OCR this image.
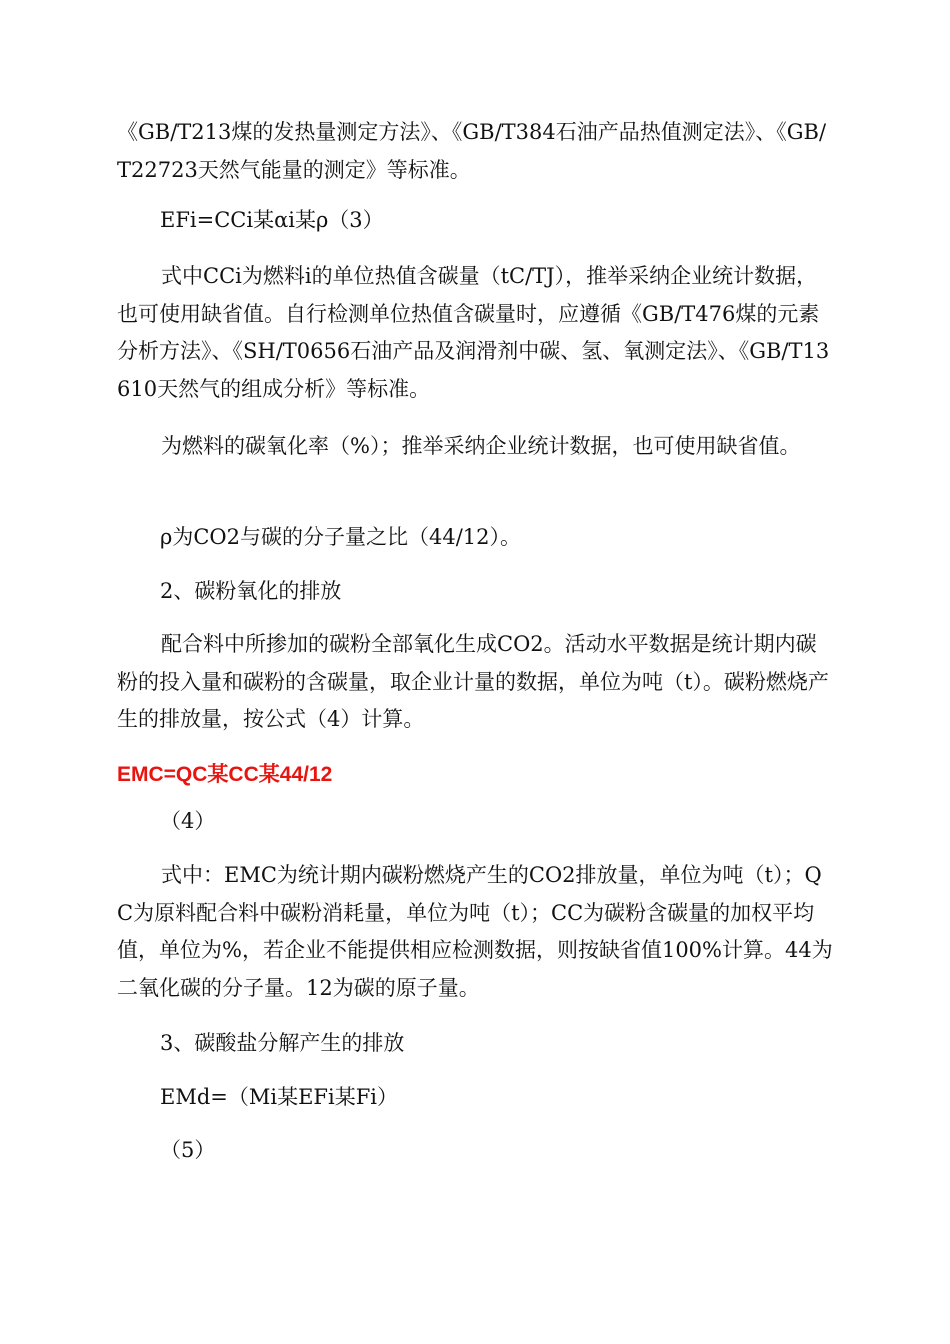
《GB/T213煤的发热量测定方法》、《GB/T384石油产品热值测定法》、《GB/T22723天然气能量的测定》等标准。

EFi=CCi某αi某ρ（3）

式中CCi为燃料i的单位热值含碳量（tC/TJ），推举采纳企业统计数据，也可使用缺省值。自行检测单位热值含碳量时，应遵循《GB/T476煤的元素分析方法》、《SH/T0656石油产品及润滑剂中碳、氢、氧测定法》、《GB/T13610天然气的组成分析》等标准。

为燃料的碳氧化率（%）；推举采纳企业统计数据，也可使用缺省值。

ρ为CO2与碳的分子量之比（44/12）。

2、碳粉氧化的排放

配合料中所掺加的碳粉全部氧化生成CO2。活动水平数据是统计期内碳粉的投入量和碳粉的含碳量，取企业计量的数据，单位为吨（t）。碳粉燃烧产生的排放量，按公式（4）计算。

EMC=QC某CC某44/12

（4）

式中：EMC为统计期内碳粉燃烧产生的CO2排放量，单位为吨（t）；QC为原料配合料中碳粉消耗量，单位为吨（t）；CC为碳粉含碳量的加权平均值，单位为%，若企业不能提供相应检测数据，则按缺省值100%计算。44为二氧化碳的分子量。12为碳的原子量。

3、碳酸盐分解产生的排放

EMd=（Mi某EFi某Fi）

（5）
